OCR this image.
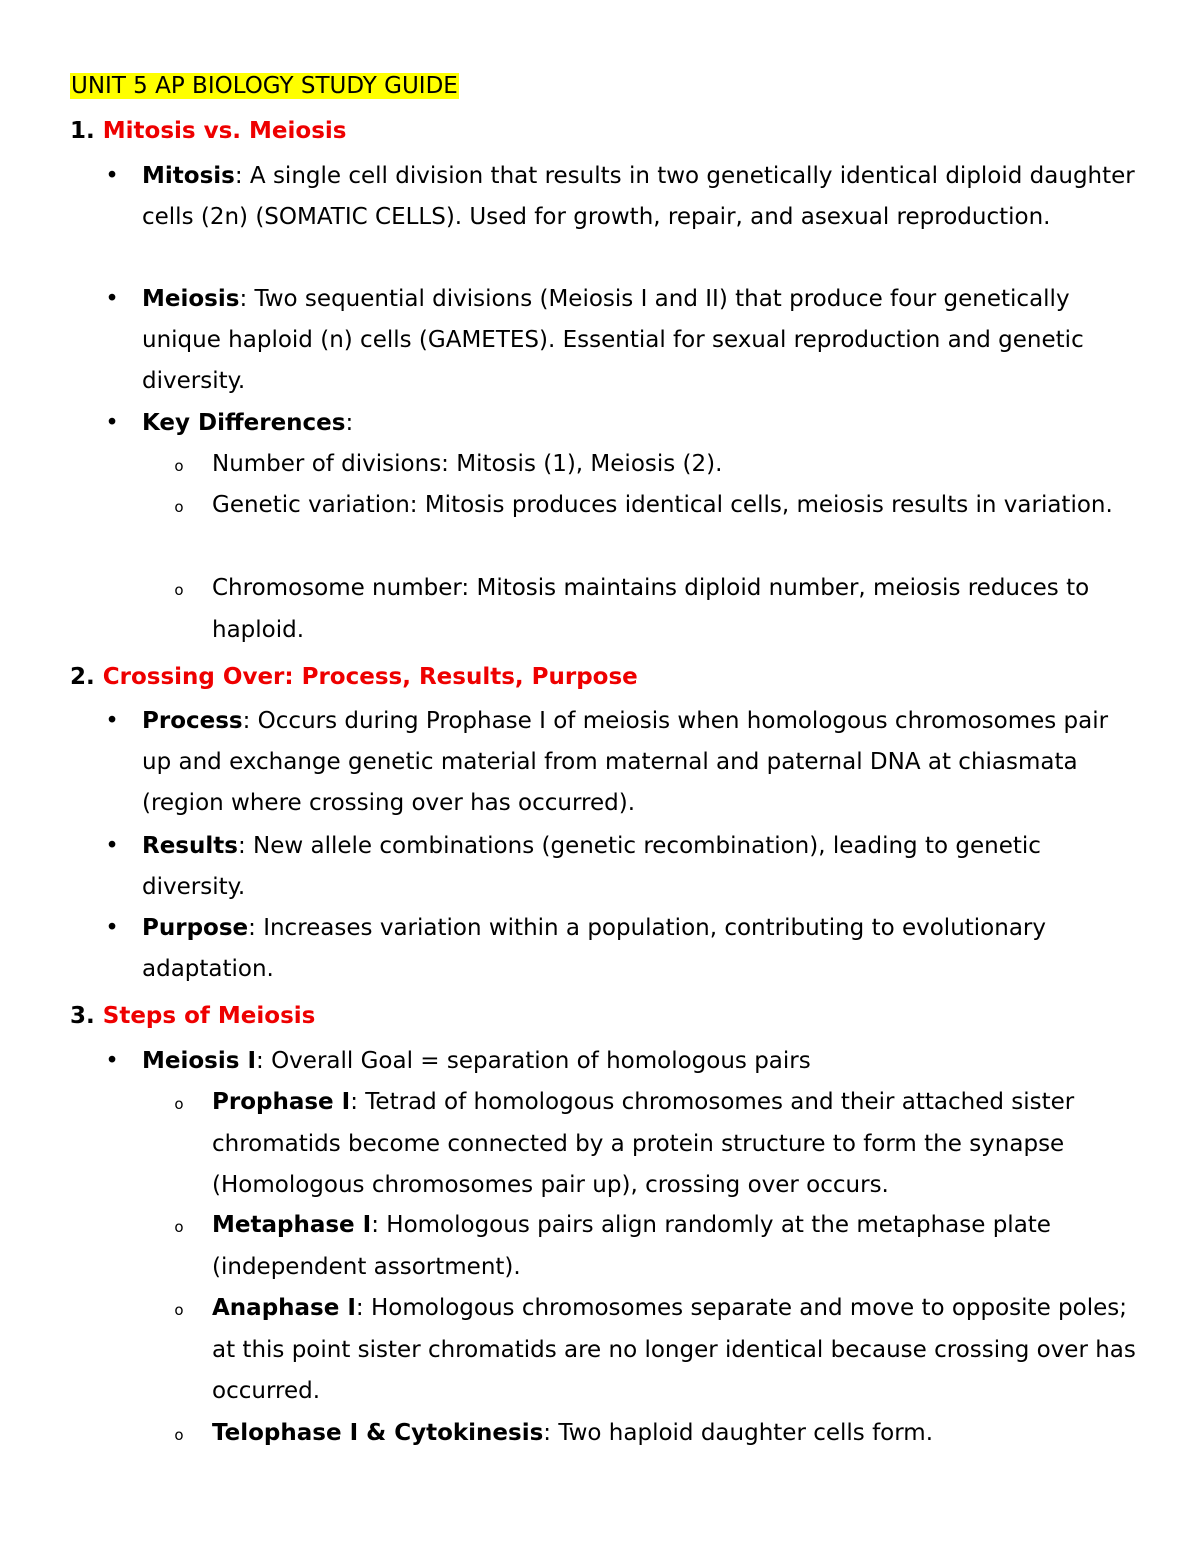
UNIT 5 AP BIOLOGY STUDY GUIDE
1. Mitosis vs. Meiosis
• Mitosis: A single cell division that results in two genetically identical diploid daughter cells (2n) (SOMATIC CELLS). Used for growth, repair, and asexual reproduction.
• Meiosis: Two sequential divisions (Meiosis I and II) that produce four genetically unique haploid (n) cells (GAMETES). Essential for sexual reproduction and genetic diversity.
• Key Differences:
o Number of divisions: Mitosis (1), Meiosis (2).
o Genetic variation: Mitosis produces identical cells, meiosis results in variation.
o Chromosome number: Mitosis maintains diploid number, meiosis reduces to haploid.
2. Crossing Over: Process, Results, Purpose
• Process: Occurs during Prophase I of meiosis when homologous chromosomes pair up and exchange genetic material from maternal and paternal DNA at chiasmata (region where crossing over has occurred).
• Results: New allele combinations (genetic recombination), leading to genetic diversity.
• Purpose: Increases variation within a population, contributing to evolutionary adaptation.
3. Steps of Meiosis
• Meiosis I: Overall Goal = separation of homologous pairs
o Prophase I: Tetrad of homologous chromosomes and their attached sister chromatids become connected by a protein structure to form the synapse (Homologous chromosomes pair up), crossing over occurs.
o Metaphase I: Homologous pairs align randomly at the metaphase plate (independent assortment).
o Anaphase I: Homologous chromosomes separate and move to opposite poles; at this point sister chromatids are no longer identical because crossing over has occurred.
o Telophase I & Cytokinesis: Two haploid daughter cells form.
